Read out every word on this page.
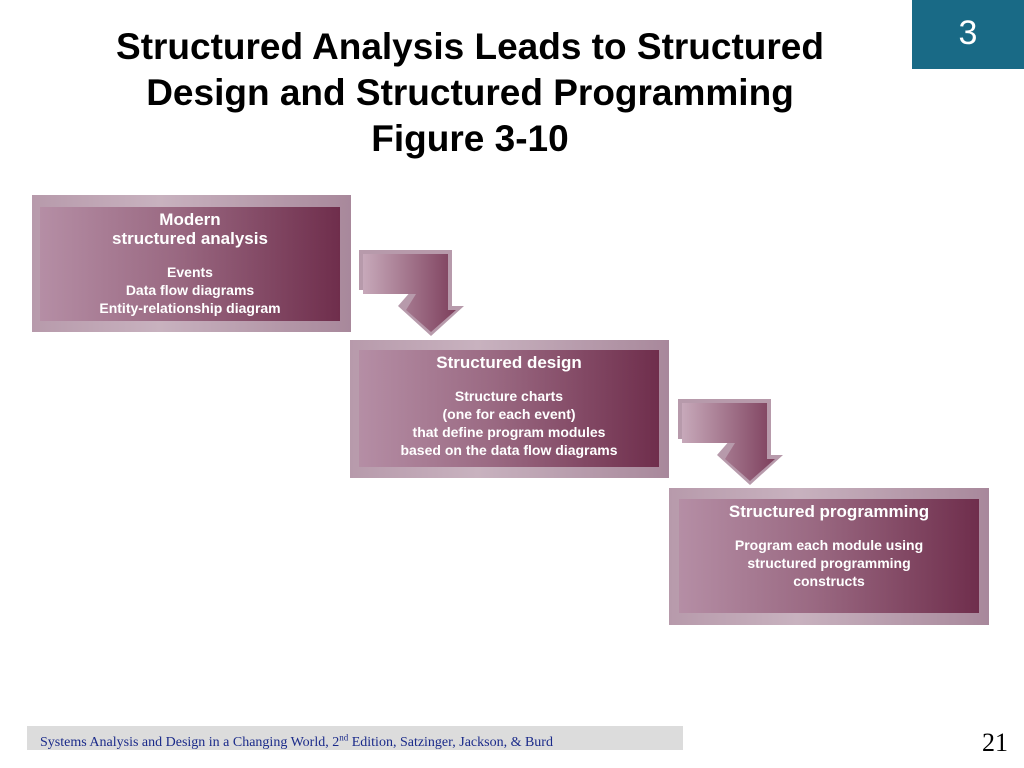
3
Structured Analysis Leads to Structured
Design and Structured Programming
Figure 3-10
Modern
structured analysis
Events
Data flow diagrams
Entity-relationship diagram
Structured design
Structure charts
(one for each event)
that define program modules
based on the data flow diagrams
Structured programming
Program each module using
structured programming
constructs
Systems Analysis and Design in a Changing World, 2nd Edition, Satzinger, Jackson, & Burd	21
